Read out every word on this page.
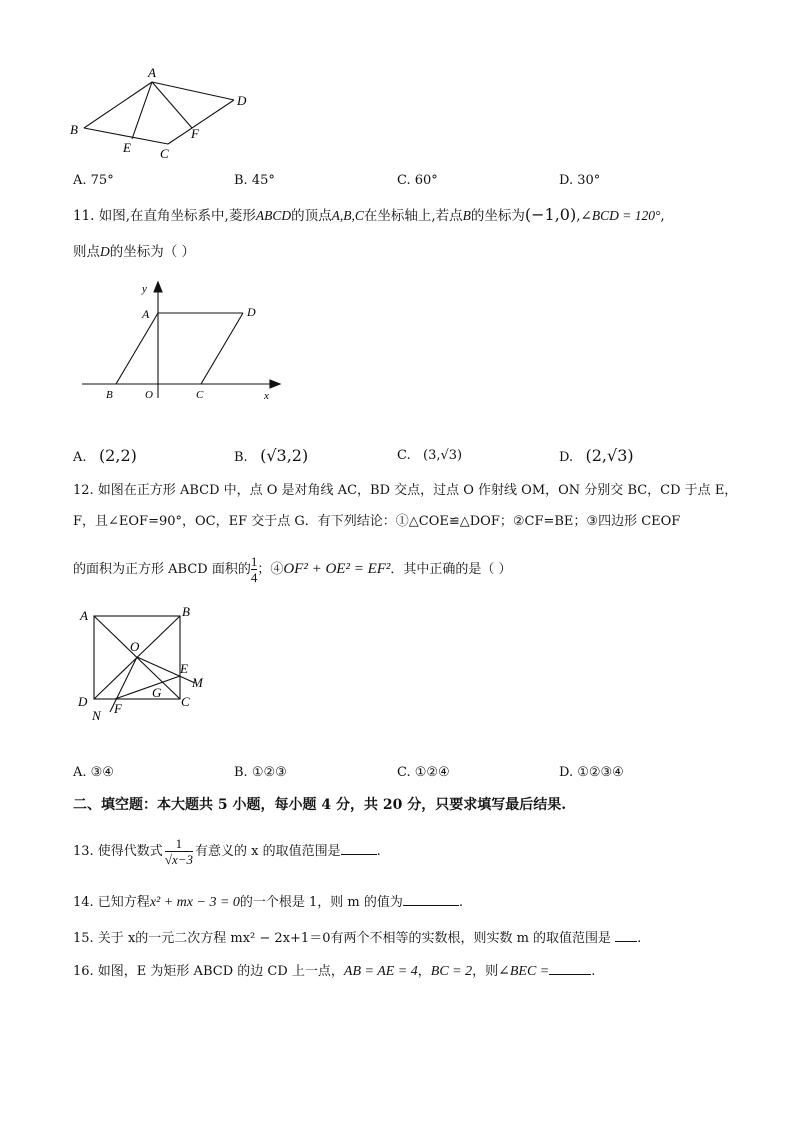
A
D
B
E C
F
A. 75°	B. 45°	C. 60°	D. 30°
11. 如图,在直角坐标系中,菱形ABCD的顶点A,B,C在坐标轴上,若点B的坐标为(−1,0),∠BCD = 120°,
则点D的坐标为（ ）
y
x
A	D
B	O	C
A. (2,2)	B. (√3,2)	C. (3,√3)	D. (2,√3)
12. 如图在正方形 ABCD 中，点 O 是对角线 AC，BD 交点，过点 O 作射线 OM，ON 分别交 BC，CD 于点 E，
F，且∠EOF=90°，OC，EF 交于点 G．有下列结论：①△COE≌△DOF；②CF=BE；③四边形 CEOF
的面积为正方形 ABCD 面积的 $\frac{1}{4}$ ；④OF² + OE² = EF²．其中正确的是（ ）
A	B
O
E
M
G
D	C
N F
A. ③④	B. ①②③	C. ①②④	D. ①②③④
二、填空题：本大题共 5 小题，每小题 4 分，共 20 分，只要求填写最后结果.
13. 使得代数式 $\frac{1}{√x-3}$ 有意义的 x 的取值范围是	.
14. 已知方程x² + mx − 3 = 0的一个根是 1，则 m 的值为	.
15. 关于 x的一元二次方程 mx² − 2x+1＝0有两个不相等的实数根，则实数 m 的取值范围是 .
16. 如图，E 为矩形 ABCD 的边 CD 上一点，AB = AE = 4，BC = 2，则∠BEC =	.
